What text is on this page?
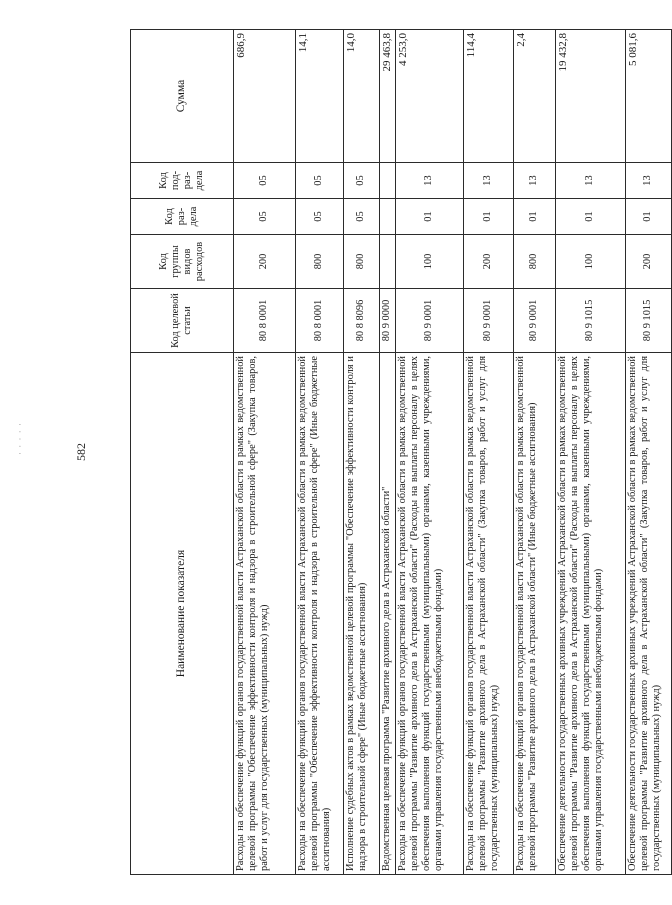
582
· · · · ·
Наименование показателя	Код целевой статьи	Код группы видов расходов	Код раз-дела	Код под-раз-дела	Сумма
Расходы на обеспечение функций органов государственной власти Астраханской области в рамках ведомственной целевой программы "Обеспечение эффективности контроля и надзора в строительной сфере" (Закупка товаров, работ и услуг для государственных (муниципальных) нужд)	80 8 0001	200	05	05	686,9
Расходы на обеспечение функций органов государственной власти Астраханской области в рамках ведомственной целевой программы "Обеспечение эффективности контроля и надзора в строительной сфере" (Иные бюджетные ассигнования)	80 8 0001	800	05	05	14,1
Исполнение судебных актов в рамках ведомственной целевой программы "Обеспечение эффективности контроля и надзора в строительной сфере" (Иные бюджетные ассигнования)	80 8 8096	800	05	05	14,0
Ведомственная целевая программа "Развитие архивного дела в Астраханской области"	80 9 0000				29 463,8
Расходы на обеспечение функций органов государственной власти Астраханской области в рамках ведомственной целевой программы "Развитие архивного дела в Астраханской области" (Расходы на выплаты персоналу в целях обеспечения выполнения функций государственными (муниципальными) органами, казенными учреждениями, органами управления государственными внебюджетными фондами)	80 9 0001	100	01	13	4 253,0
Расходы на обеспечение функций органов государственной власти Астраханской области в рамках ведомственной целевой программы "Развитие архивного дела в Астраханской области" (Закупка товаров, работ и услуг для государственных (муниципальных) нужд)	80 9 0001	200	01	13	114,4
Расходы на обеспечение функций органов государственной власти Астраханской области в рамках ведомственной целевой программы "Развитие архивного дела в Астраханской области" (Иные бюджетные ассигнования)	80 9 0001	800	01	13	2,4
Обеспечение деятельности государственных архивных учреждений Астраханской области в рамках ведомственной целевой программы "Развитие архивного дела в Астраханской области" (Расходы на выплаты персоналу в целях обеспечения выполнения функций государственными (муниципальными) органами, казенными учреждениями, органами управления государственными внебюджетными фондами)	80 9 1015	100	01	13	19 432,8
Обеспечение деятельности государственных архивных учреждений Астраханской области в рамках ведомственной целевой программы "Развитие архивного дела в Астраханской области" (Закупка товаров, работ и услуг для государственных (муниципальных) нужд)	80 9 1015	200	01	13	5 081,6
